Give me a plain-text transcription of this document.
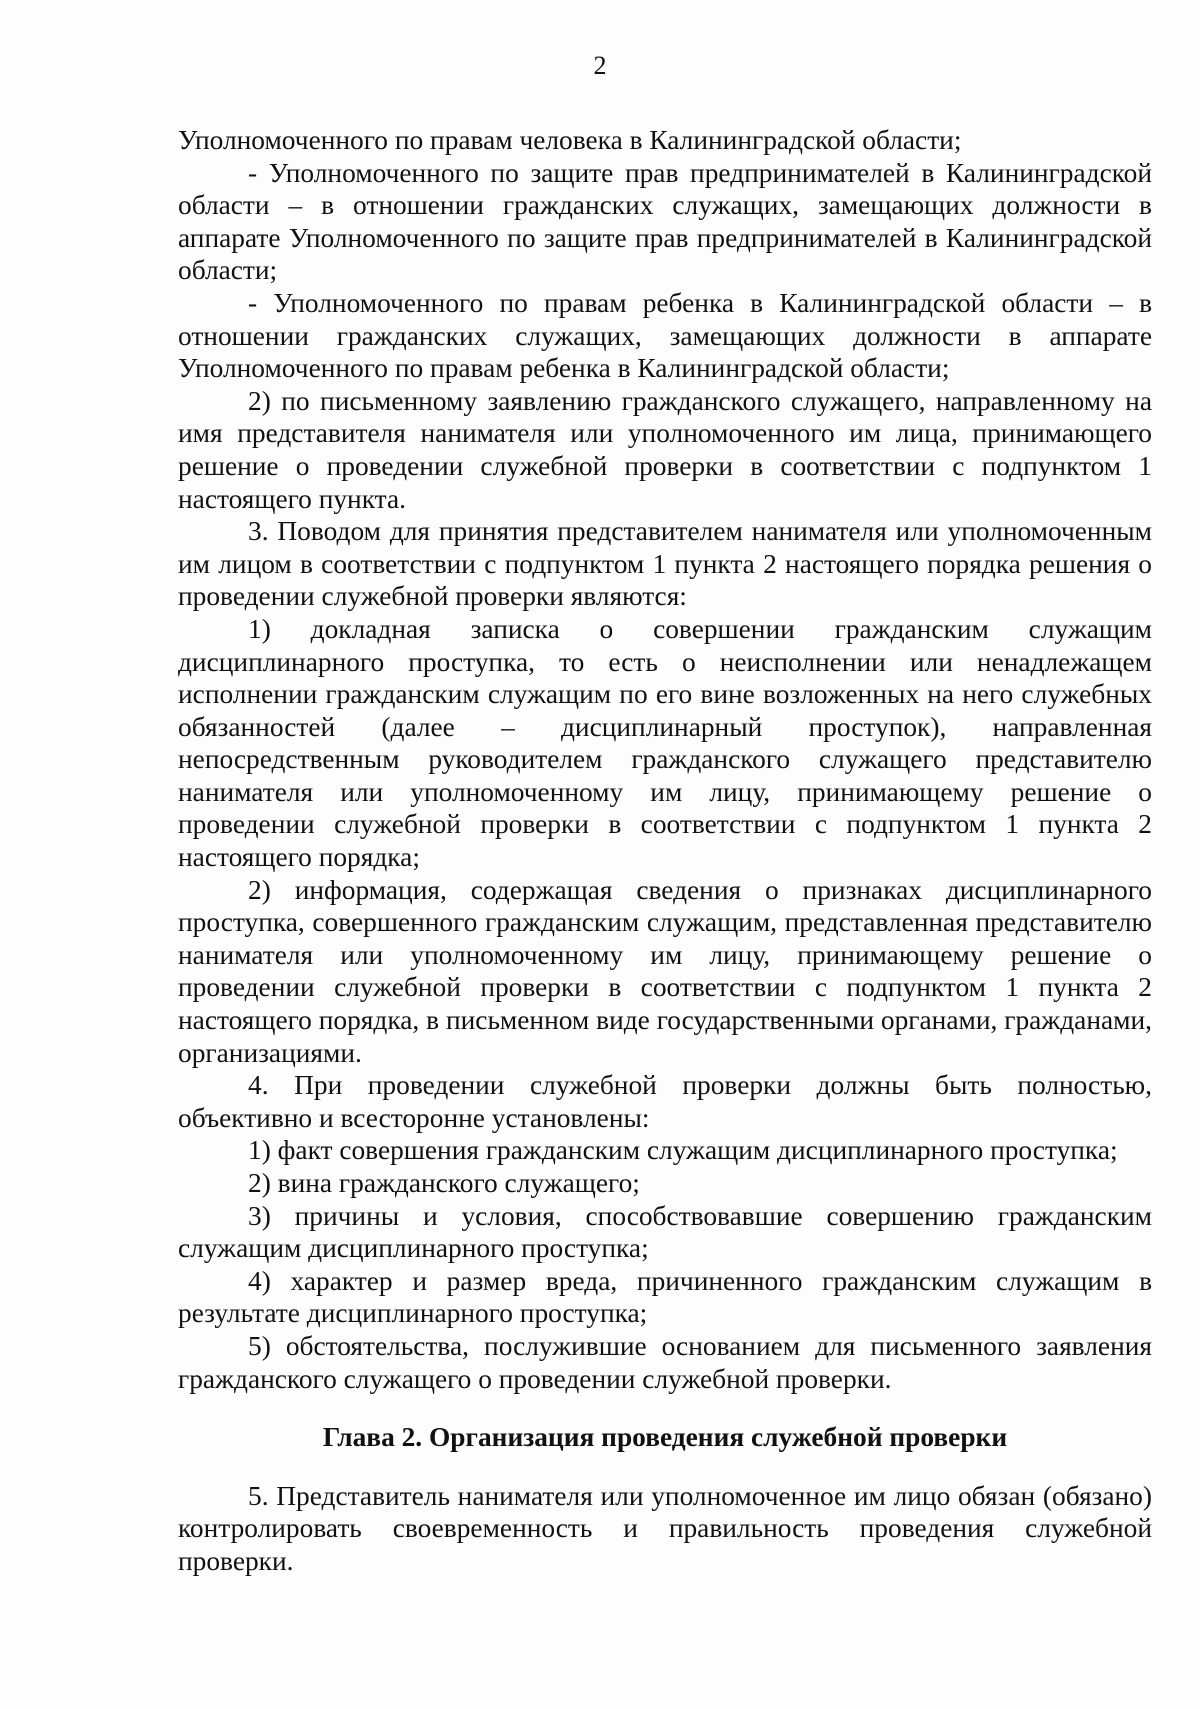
2

Уполномоченного по правам человека в Калининградской области;

- Уполномоченного по защите прав предпринимателей в Калининградской области – в отношении гражданских служащих, замещающих должности в аппарате Уполномоченного по защите прав предпринимателей в Калининградской области;

- Уполномоченного по правам ребенка в Калининградской области – в отношении гражданских служащих, замещающих должности в аппарате Уполномоченного по правам ребенка в Калининградской области;

2) по письменному заявлению гражданского служащего, направленному на имя представителя нанимателя или уполномоченного им лица, принимающего решение о проведении служебной проверки в соответствии с подпунктом 1 настоящего пункта.

3. Поводом для принятия представителем нанимателя или уполномоченным им лицом в соответствии с подпунктом 1 пункта 2 настоящего порядка решения о проведении служебной проверки являются:

1) докладная записка о совершении гражданским служащим дисциплинарного проступка, то есть о неисполнении или ненадлежащем исполнении гражданским служащим по его вине возложенных на него служебных обязанностей (далее – дисциплинарный проступок), направленная непосредственным руководителем гражданского служащего представителю нанимателя или уполномоченному им лицу, принимающему решение о проведении служебной проверки в соответствии с подпунктом 1 пункта 2 настоящего порядка;

2) информация, содержащая сведения о признаках дисциплинарного проступка, совершенного гражданским служащим, представленная представителю нанимателя или уполномоченному им лицу, принимающему решение о проведении служебной проверки в соответствии с подпунктом 1 пункта 2 настоящего порядка, в письменном виде государственными органами, гражданами, организациями.

4. При проведении служебной проверки должны быть полностью, объективно и всесторонне установлены:

1) факт совершения гражданским служащим дисциплинарного проступка;

2) вина гражданского служащего;

3) причины и условия, способствовавшие совершению гражданским служащим дисциплинарного проступка;

4) характер и размер вреда, причиненного гражданским служащим в результате дисциплинарного проступка;

5) обстоятельства, послужившие основанием для письменного заявления гражданского служащего о проведении служебной проверки.

Глава 2. Организация проведения служебной проверки

5. Представитель нанимателя или уполномоченное им лицо обязан (обязано) контролировать своевременность и правильность проведения служебной проверки.
